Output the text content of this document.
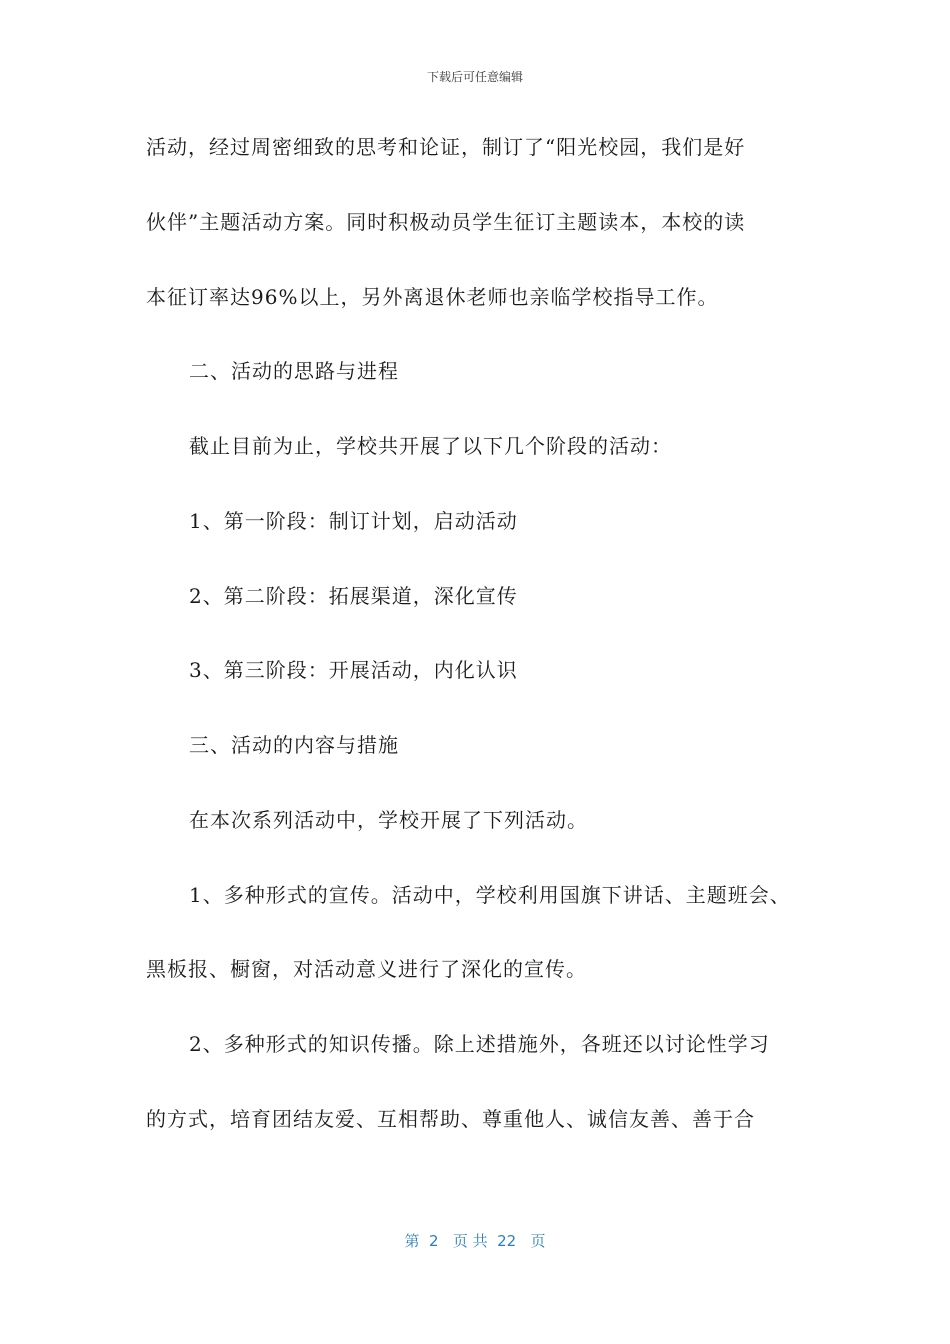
下载后可任意编辑
活动，经过周密细致的思考和论证，制订了“阳光校园，我们是好
伙伴”主题活动方案。同时积极动员学生征订主题读本，本校的读
本征订率达96%以上，另外离退休老师也亲临学校指导工作。
二、活动的思路与进程
截止目前为止，学校共开展了以下几个阶段的活动：
1、第一阶段：制订计划，启动活动
2、第二阶段：拓展渠道，深化宣传
3、第三阶段：开展活动，内化认识
三、活动的内容与措施
在本次系列活动中，学校开展了下列活动。
1、多种形式的宣传。活动中，学校利用国旗下讲话、主题班会、
黑板报、橱窗，对活动意义进行了深化的宣传。
2、多种形式的知识传播。除上述措施外，各班还以讨论性学习
的方式，培育团结友爱、互相帮助、尊重他人、诚信友善、善于合
第  2   页 共  22   页
